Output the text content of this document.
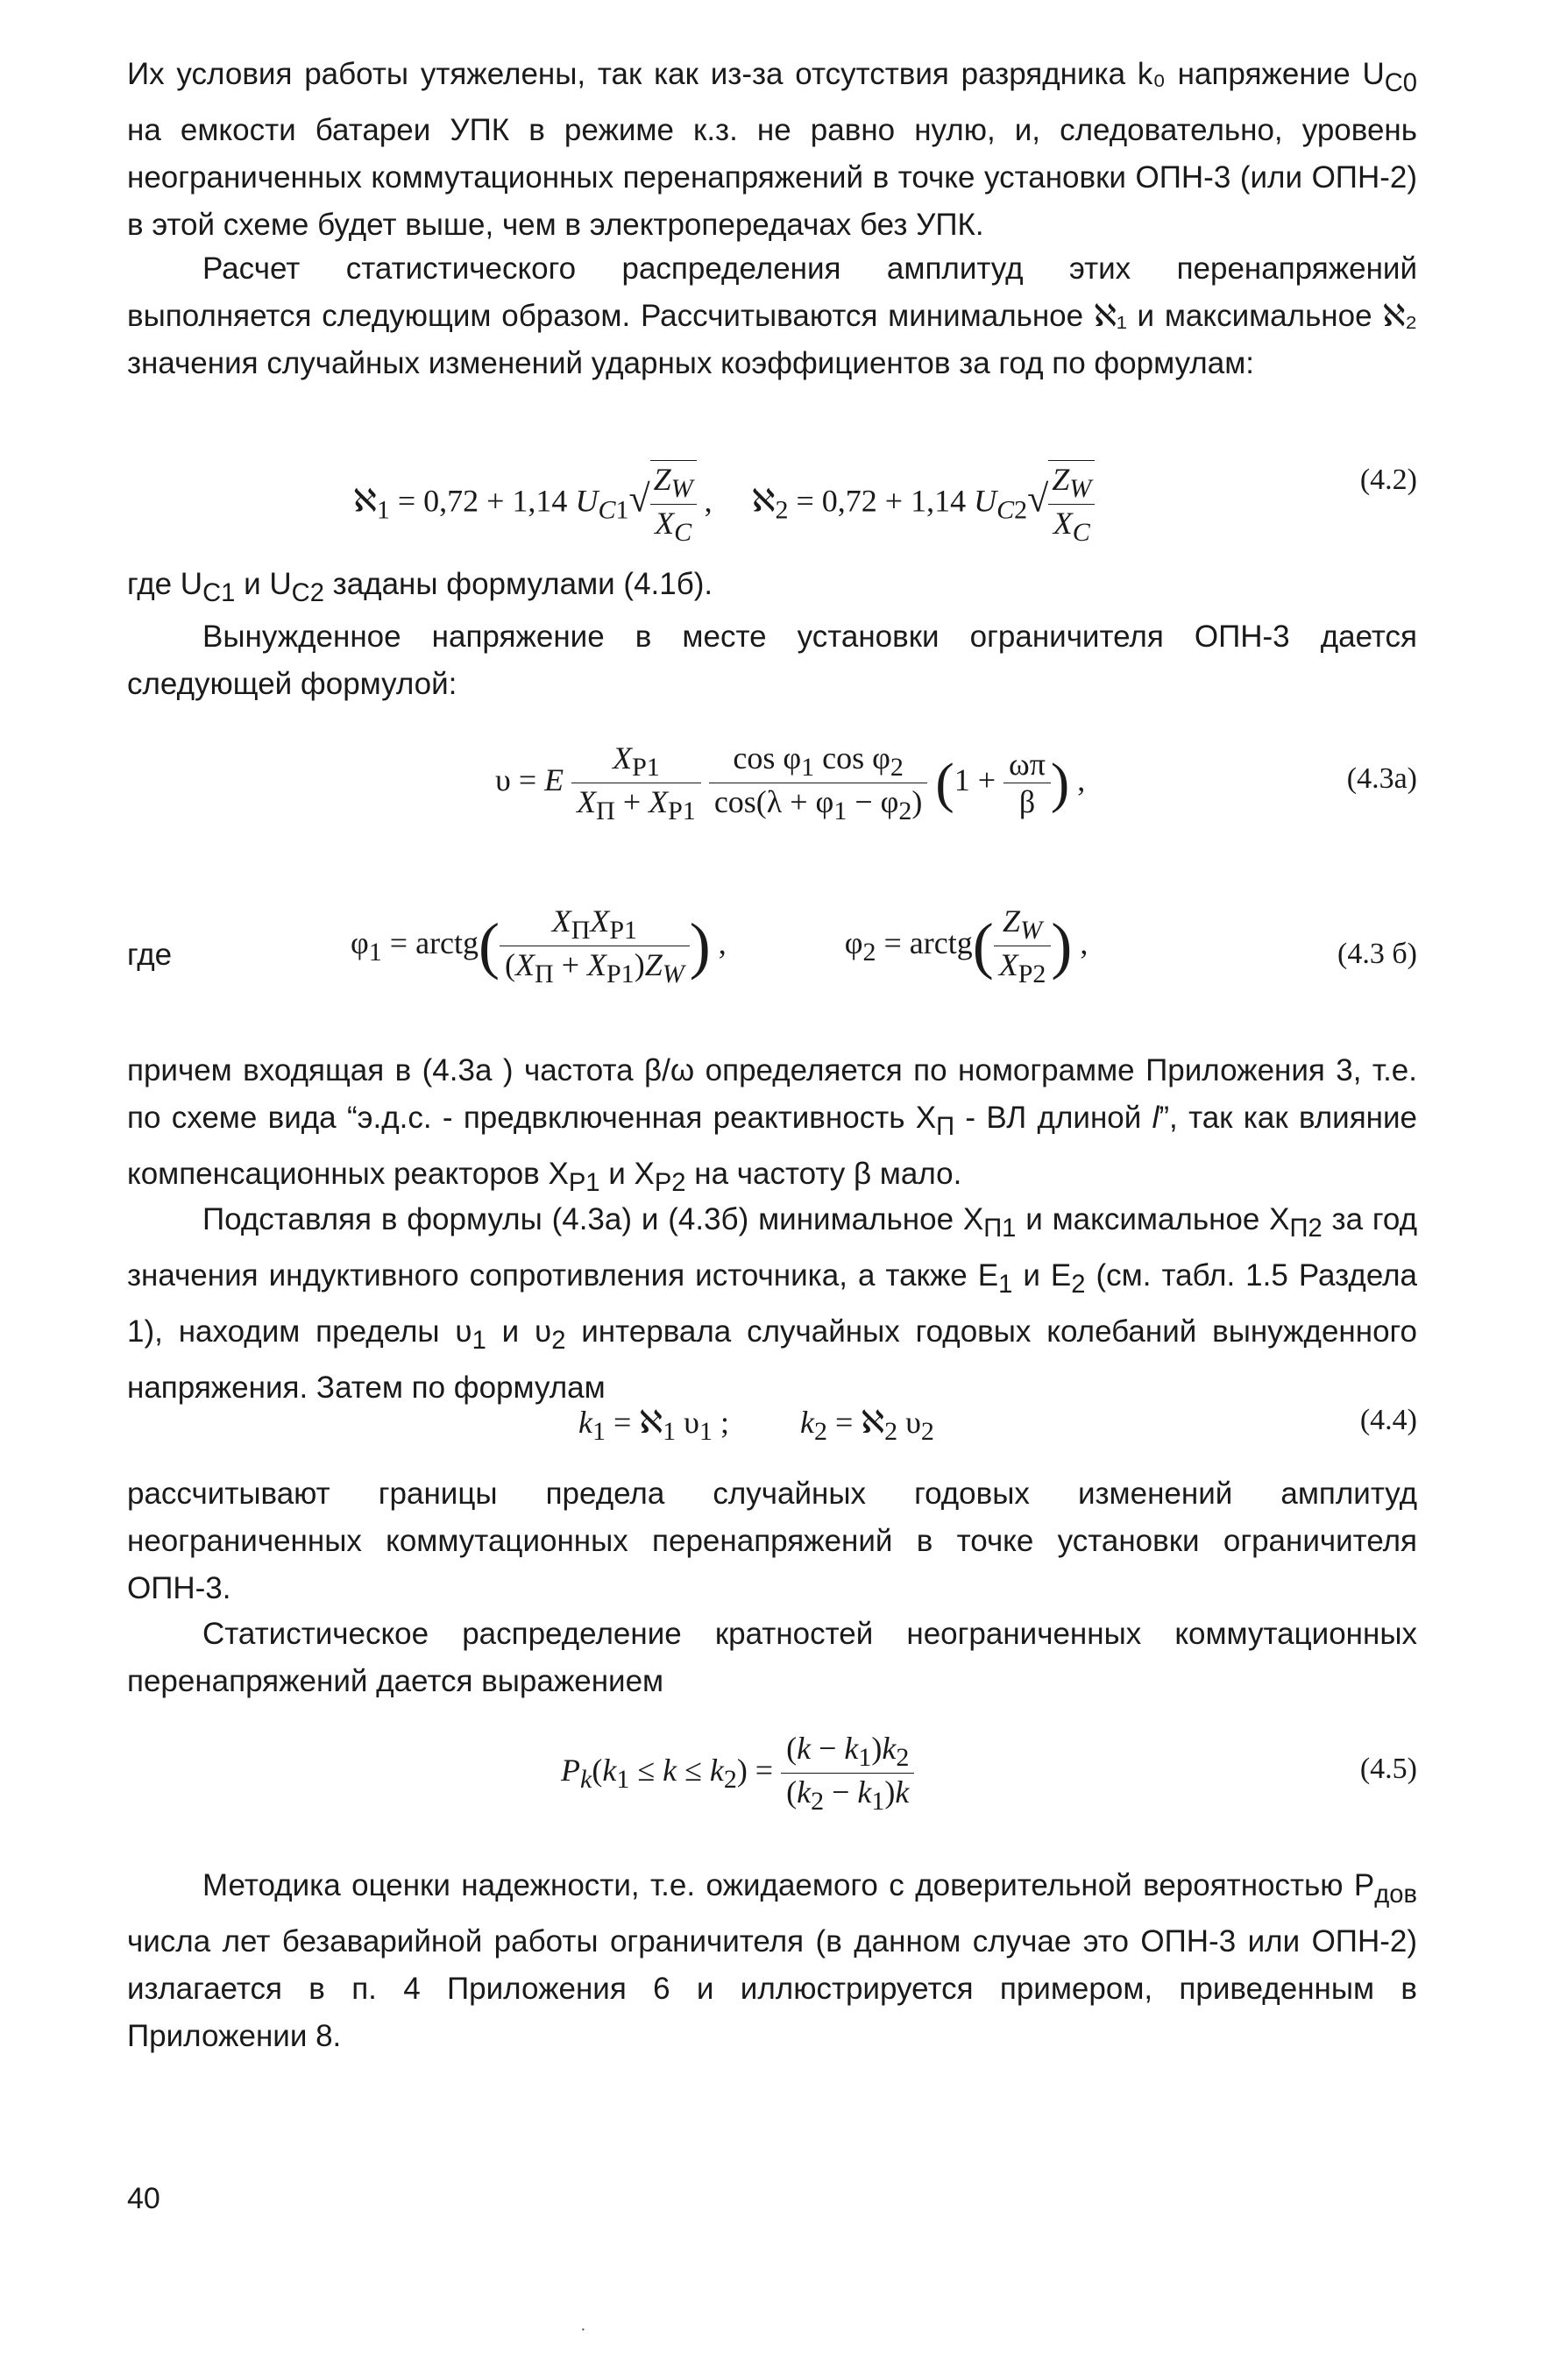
Их условия работы утяжелены, так как из-за отсутствия разрядника k₀ напряжение $U_{C0}$ на емкости батареи УПК в режиме к.з. не равно нулю, и, следовательно, уровень неограниченных коммутационных перенапряжений в точке установки ОПН-3 (или ОПН-2) в этой схеме будет выше, чем в электропередачах без УПК.
Расчет статистического распределения амплитуд этих перенапряжений выполняется следующим образом. Рассчитываются минимальное ℵ₁ и максимальное ℵ₂ значения случайных изменений ударных коэффициентов за год по формулам:
ℵ$_1$ = 0,72 + 1,14 $U_{C1}√ \frac{Z_W}{X_C}$ ,     ℵ$_2$ = 0,72 + 1,14 $U_{C2}√ \frac{Z_W}{X_C}$	(4.2)
где $U_{C1}$ и $U_{C2}$ заданы формулами (4.1б).
Вынужденное напряжение в месте установки ограничителя ОПН-3 дается следующей формулой:
υ = E
$X_{P1}$
$X_П + X_{P1}$
$\frac{\cos \varphi_1 \cos \varphi_2}{\cos(\lambda + \varphi_1 - \varphi_2)} (1 + \frac{\omega\pi}{\beta}$ ) ,	(4.3а)
где	$\varphi_1$ = arctg(	$X_ПX_{P1}$
$(X_П + X_{P1})Z_W$ ) ,               $\varphi_2$ = arctg( $\frac{Z_W}{X_{P2}}$ ) ,	(4.3 б)
причем входящая в (4.3а ) частота β/ω определяется по номограмме Приложения 3, т.е. по схеме вида “э.д.с. - предвключенная реактивность $X_П$ - ВЛ длиной l”, так как влияние компенсационных реакторов $X_{P1}$ и $X_{P2}$ на частоту β мало.
Подставляя в формулы (4.3а) и (4.3б) минимальное $X_{П1}$ и максимальное $X_{П2}$ за год значения индуктивного сопротивления источника, а также $E_1$ и $E_2$ (см. табл. 1.5 Раздела 1), находим пределы $\upsilon_1$ и $\upsilon_2$ интервала случайных годовых колебаний вынужденного напряжения. Затем по формулам
$k_1$ = ℵ$_1$ $\upsilon_1$ ;         $k_2$ = ℵ$_2$ $\upsilon_2$	(4.4)
рассчитывают границы предела случайных годовых изменений амплитуд неограниченных коммутационных перенапряжений в точке установки ограничителя ОПН-3.
Статистическое распределение кратностей неограниченных коммутационных перенапряжений дается выражением
$P_k(k_1 \le k \le k_2) = \frac{(k - k_1)k_2}{(k_2 - k_1)k}$	(4.5)
Методика оценки надежности, т.е. ожидаемого с доверительной вероятностью $P_{дов}$ числа лет безаварийной работы ограничителя (в данном случае это ОПН-3 или ОПН-2) излагается в п. 4 Приложения 6 и иллюстрируется примером, приведенным в Приложении 8.
40
·
